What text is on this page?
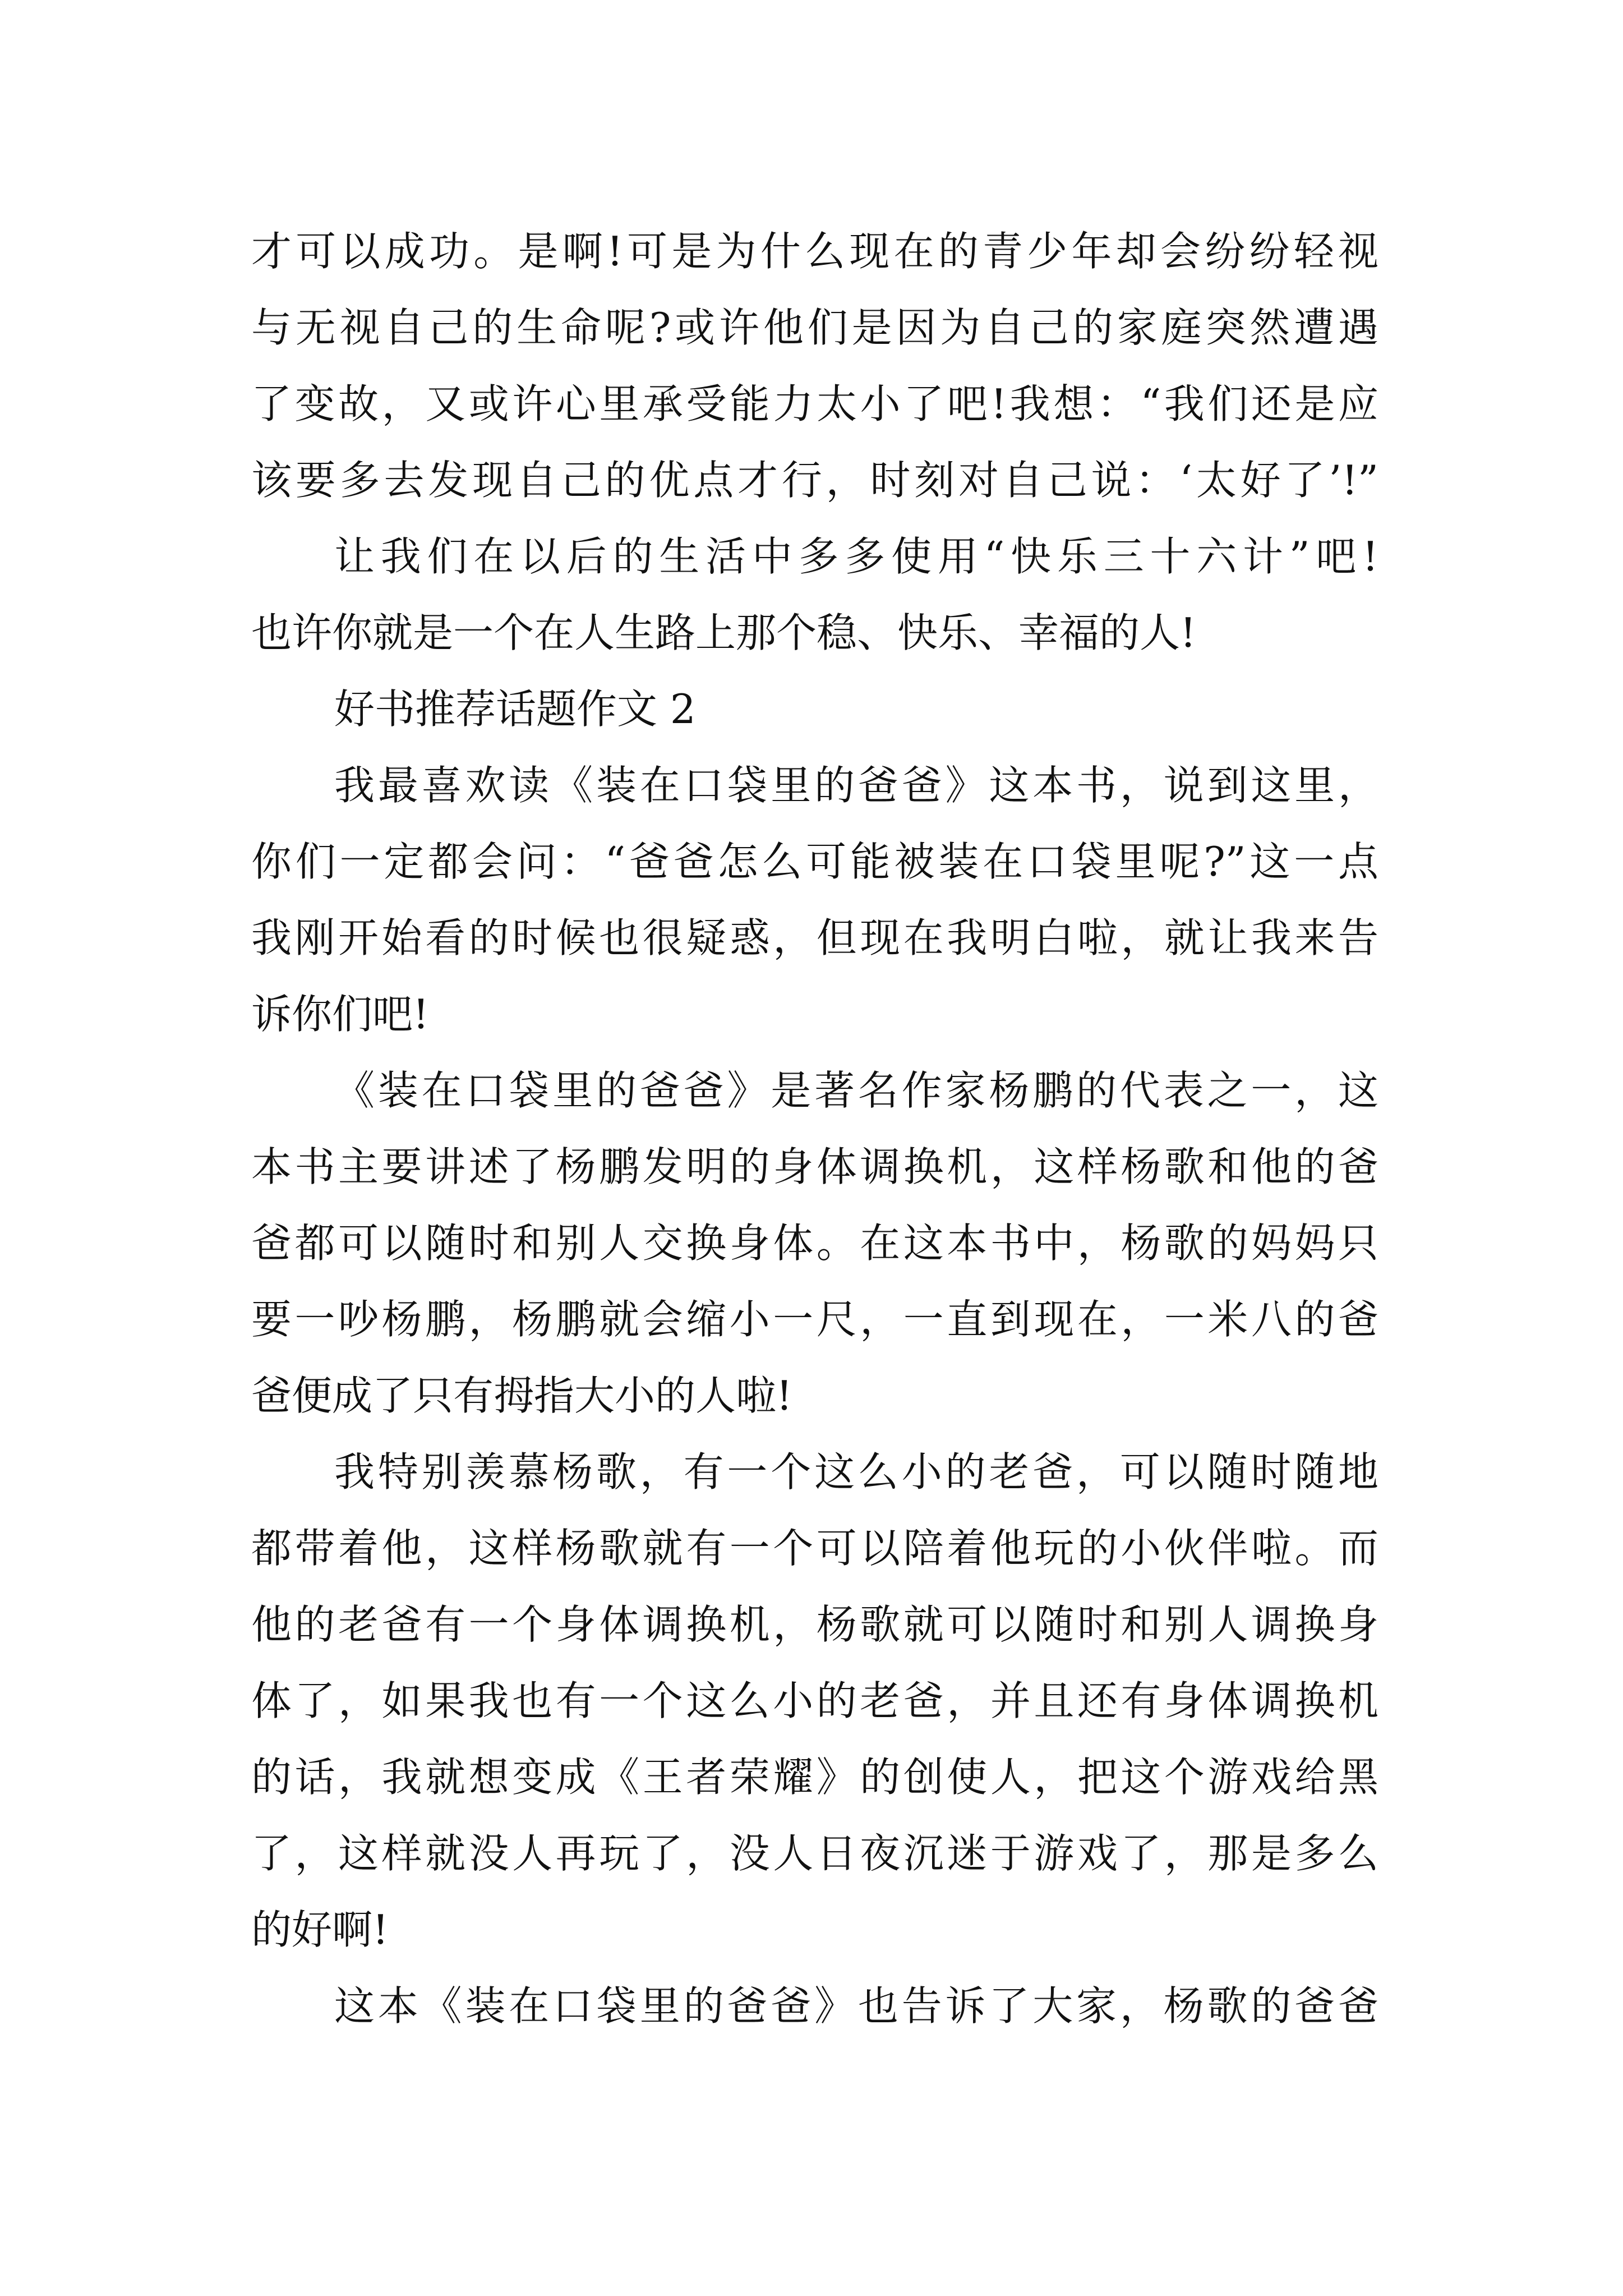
才可以成功。是啊!可是为什么现在的青少年却会纷纷轻视
与无视自己的生命呢?或许他们是因为自己的家庭突然遭遇
了变故，又或许心里承受能力太小了吧!我想：“我们还是应
该要多去发现自己的优点才行，时刻对自己说：‘太好了’!”
让我们在以后的生活中多多使用“快乐三十六计”吧!
也许你就是一个在人生路上那个稳、快乐、幸福的人!
好书推荐话题作文 2
我最喜欢读《装在口袋里的爸爸》这本书，说到这里，
你们一定都会问：“爸爸怎么可能被装在口袋里呢?”这一点
我刚开始看的时候也很疑惑，但现在我明白啦，就让我来告
诉你们吧!
《装在口袋里的爸爸》是著名作家杨鹏的代表之一，这
本书主要讲述了杨鹏发明的身体调换机，这样杨歌和他的爸
爸都可以随时和别人交换身体。在这本书中，杨歌的妈妈只
要一吵杨鹏，杨鹏就会缩小一尺，一直到现在，一米八的爸
爸便成了只有拇指大小的人啦!
我特别羡慕杨歌，有一个这么小的老爸，可以随时随地
都带着他，这样杨歌就有一个可以陪着他玩的小伙伴啦。而
他的老爸有一个身体调换机，杨歌就可以随时和别人调换身
体了，如果我也有一个这么小的老爸，并且还有身体调换机
的话，我就想变成《王者荣耀》的创使人，把这个游戏给黑
了，这样就没人再玩了，没人日夜沉迷于游戏了，那是多么
的好啊!
这本《装在口袋里的爸爸》也告诉了大家，杨歌的爸爸
